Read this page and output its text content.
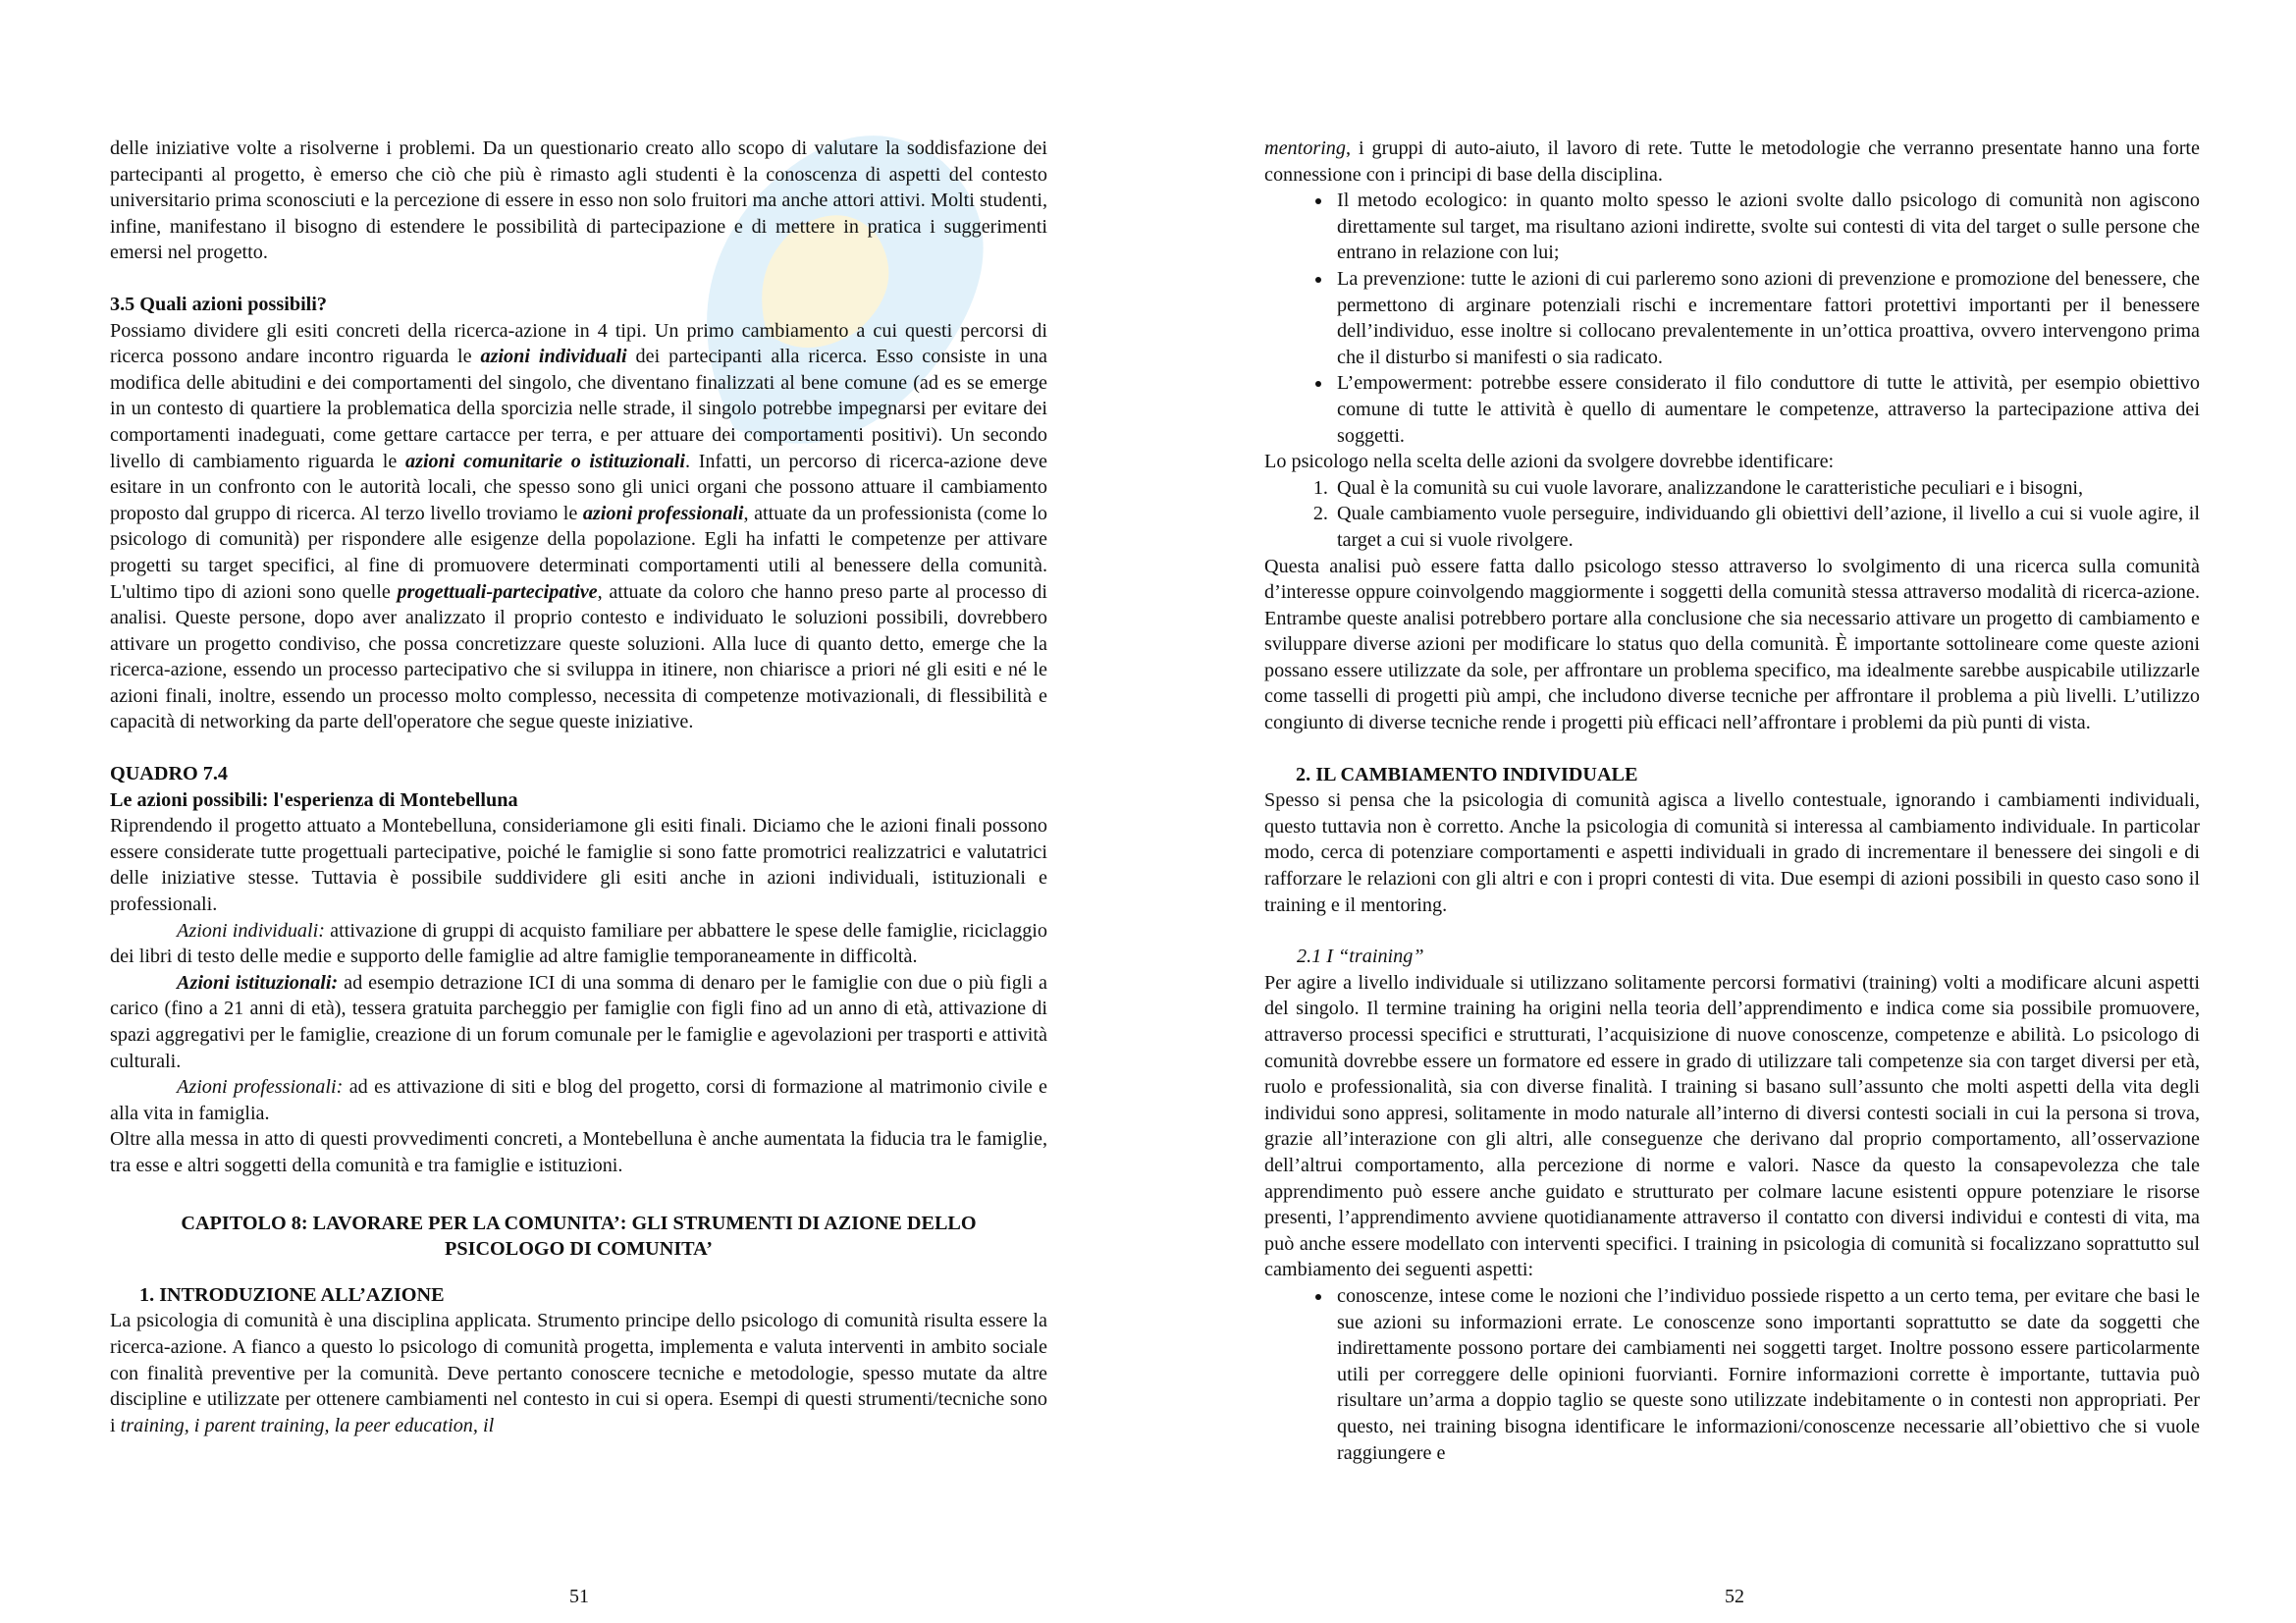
delle iniziative volte a risolverne i problemi. Da un questionario creato allo scopo di valutare la soddisfazione dei partecipanti al progetto, è emerso che ciò che più è rimasto agli studenti è la conoscenza di aspetti del contesto universitario prima sconosciuti e la percezione di essere in esso non solo fruitori ma anche attori attivi. Molti studenti, infine, manifestano il bisogno di estendere le possibilità di partecipazione e di mettere in pratica i suggerimenti emersi nel progetto.

3.5 Quali azioni possibili?

Possiamo dividere gli esiti concreti della ricerca-azione in 4 tipi. Un primo cambiamento a cui questi percorsi di ricerca possono andare incontro riguarda le azioni individuali dei partecipanti alla ricerca. Esso consiste in una modifica delle abitudini e dei comportamenti del singolo, che diventano finalizzati al bene comune (ad es se emerge in un contesto di quartiere la problematica della sporcizia nelle strade, il singolo potrebbe impegnarsi per evitare dei comportamenti inadeguati, come gettare cartacce per terra, e per attuare dei comportamenti positivi). Un secondo livello di cambiamento riguarda le azioni comunitarie o istituzionali. Infatti, un percorso di ricerca-azione deve esitare in un confronto con le autorità locali, che spesso sono gli unici organi che possono attuare il cambiamento proposto dal gruppo di ricerca. Al terzo livello troviamo le azioni professionali, attuate da un professionista (come lo psicologo di comunità) per rispondere alle esigenze della popolazione. Egli ha infatti le competenze per attivare progetti su target specifici, al fine di promuovere determinati comportamenti utili al benessere della comunità. L'ultimo tipo di azioni sono quelle progettuali-partecipative, attuate da coloro che hanno preso parte al processo di analisi. Queste persone, dopo aver analizzato il proprio contesto e individuato le soluzioni possibili, dovrebbero attivare un progetto condiviso, che possa concretizzare queste soluzioni. Alla luce di quanto detto, emerge che la ricerca-azione, essendo un processo partecipativo che si sviluppa in itinere, non chiarisce a priori né gli esiti e né le azioni finali, inoltre, essendo un processo molto complesso, necessita di competenze motivazionali, di flessibilità e capacità di networking da parte dell'operatore che segue queste iniziative.

QUADRO 7.4

Le azioni possibili: l'esperienza di Montebelluna

Riprendendo il progetto attuato a Montebelluna, consideriamone gli esiti finali. Diciamo che le azioni finali possono essere considerate tutte progettuali partecipative, poiché le famiglie si sono fatte promotrici realizzatrici e valutatrici delle iniziative stesse. Tuttavia è possibile suddividere gli esiti anche in azioni individuali, istituzionali e professionali.

Azioni individuali: attivazione di gruppi di acquisto familiare per abbattere le spese delle famiglie, riciclaggio dei libri di testo delle medie e supporto delle famiglie ad altre famiglie temporaneamente in difficoltà.

Azioni istituzionali: ad esempio detrazione ICI di una somma di denaro per le famiglie con due o più figli a carico (fino a 21 anni di età), tessera gratuita parcheggio per famiglie con figli fino ad un anno di età, attivazione di spazi aggregativi per le famiglie, creazione di un forum comunale per le famiglie e agevolazioni per trasporti e attività culturali.

Azioni professionali: ad es attivazione di siti e blog del progetto, corsi di formazione al matrimonio civile e alla vita in famiglia.

Oltre alla messa in atto di questi provvedimenti concreti, a Montebelluna è anche aumentata la fiducia tra le famiglie, tra esse e altri soggetti della comunità e tra famiglie e istituzioni.

CAPITOLO 8: LAVORARE PER LA COMUNITA’: GLI STRUMENTI DI AZIONE DELLO PSICOLOGO DI COMUNITA’

1. INTRODUZIONE ALL’AZIONE

La psicologia di comunità è una disciplina applicata. Strumento principe dello psicologo di comunità risulta essere la ricerca-azione. A fianco a questo lo psicologo di comunità progetta, implementa e valuta interventi in ambito sociale con finalità preventive per la comunità. Deve pertanto conoscere tecniche e metodologie, spesso mutate da altre discipline e utilizzate per ottenere cambiamenti nel contesto in cui si opera. Esempi di questi strumenti/tecniche sono i training, i parent training, la peer education, il

51

mentoring, i gruppi di auto-aiuto, il lavoro di rete. Tutte le metodologie che verranno presentate hanno una forte connessione con i principi di base della disciplina.

• Il metodo ecologico: in quanto molto spesso le azioni svolte dallo psicologo di comunità non agiscono direttamente sul target, ma risultano azioni indirette, svolte sui contesti di vita del target o sulle persone che entrano in relazione con lui;
• La prevenzione: tutte le azioni di cui parleremo sono azioni di prevenzione e promozione del benessere, che permettono di arginare potenziali rischi e incrementare fattori protettivi importanti per il benessere dell’individuo, esse inoltre si collocano prevalentemente in un’ottica proattiva, ovvero intervengono prima che il disturbo si manifesti o sia radicato.
• L’empowerment: potrebbe essere considerato il filo conduttore di tutte le attività, per esempio obiettivo comune di tutte le attività è quello di aumentare le competenze, attraverso la partecipazione attiva dei soggetti.

Lo psicologo nella scelta delle azioni da svolgere dovrebbe identificare:

1. Qual è la comunità su cui vuole lavorare, analizzandone le caratteristiche peculiari e i bisogni,
2. Quale cambiamento vuole perseguire, individuando gli obiettivi dell’azione, il livello a cui si vuole agire, il target a cui si vuole rivolgere.

Questa analisi può essere fatta dallo psicologo stesso attraverso lo svolgimento di una ricerca sulla comunità d’interesse oppure coinvolgendo maggiormente i soggetti della comunità stessa attraverso modalità di ricerca-azione. Entrambe queste analisi potrebbero portare alla conclusione che sia necessario attivare un progetto di cambiamento e sviluppare diverse azioni per modificare lo status quo della comunità. È importante sottolineare come queste azioni possano essere utilizzate da sole, per affrontare un problema specifico, ma idealmente sarebbe auspicabile utilizzarle come tasselli di progetti più ampi, che includono diverse tecniche per affrontare il problema a più livelli. L’utilizzo congiunto di diverse tecniche rende i progetti più efficaci nell’affrontare i problemi da più punti di vista.

2. IL CAMBIAMENTO INDIVIDUALE

Spesso si pensa che la psicologia di comunità agisca a livello contestuale, ignorando i cambiamenti individuali, questo tuttavia non è corretto. Anche la psicologia di comunità si interessa al cambiamento individuale. In particolar modo, cerca di potenziare comportamenti e aspetti individuali in grado di incrementare il benessere dei singoli e di rafforzare le relazioni con gli altri e con i propri contesti di vita. Due esempi di azioni possibili in questo caso sono il training e il mentoring.

2.1 I “training”

Per agire a livello individuale si utilizzano solitamente percorsi formativi (training) volti a modificare alcuni aspetti del singolo. Il termine training ha origini nella teoria dell’apprendimento e indica come sia possibile promuovere, attraverso processi specifici e strutturati, l’acquisizione di nuove conoscenze, competenze e abilità. Lo psicologo di comunità dovrebbe essere un formatore ed essere in grado di utilizzare tali competenze sia con target diversi per età, ruolo e professionalità, sia con diverse finalità. I training si basano sull’assunto che molti aspetti della vita degli individui sono appresi, solitamente in modo naturale all’interno di diversi contesti sociali in cui la persona si trova, grazie all’interazione con gli altri, alle conseguenze che derivano dal proprio comportamento, all’osservazione dell’altrui comportamento, alla percezione di norme e valori. Nasce da questo la consapevolezza che tale apprendimento può essere anche guidato e strutturato per colmare lacune esistenti oppure potenziare le risorse presenti, l’apprendimento avviene quotidianamente attraverso il contatto con diversi individui e contesti di vita, ma può anche essere modellato con interventi specifici. I training in psicologia di comunità si focalizzano soprattutto sul cambiamento dei seguenti aspetti:

• conoscenze, intese come le nozioni che l’individuo possiede rispetto a un certo tema, per evitare che basi le sue azioni su informazioni errate. Le conoscenze sono importanti soprattutto se date da soggetti che indirettamente possono portare dei cambiamenti nei soggetti target. Inoltre possono essere particolarmente utili per correggere delle opinioni fuorvianti. Fornire informazioni corrette è importante, tuttavia può risultare un’arma a doppio taglio se queste sono utilizzate indebitamente o in contesti non appropriati. Per questo, nei training bisogna identificare le informazioni/conoscenze necessarie all’obiettivo che si vuole raggiungere e
52
